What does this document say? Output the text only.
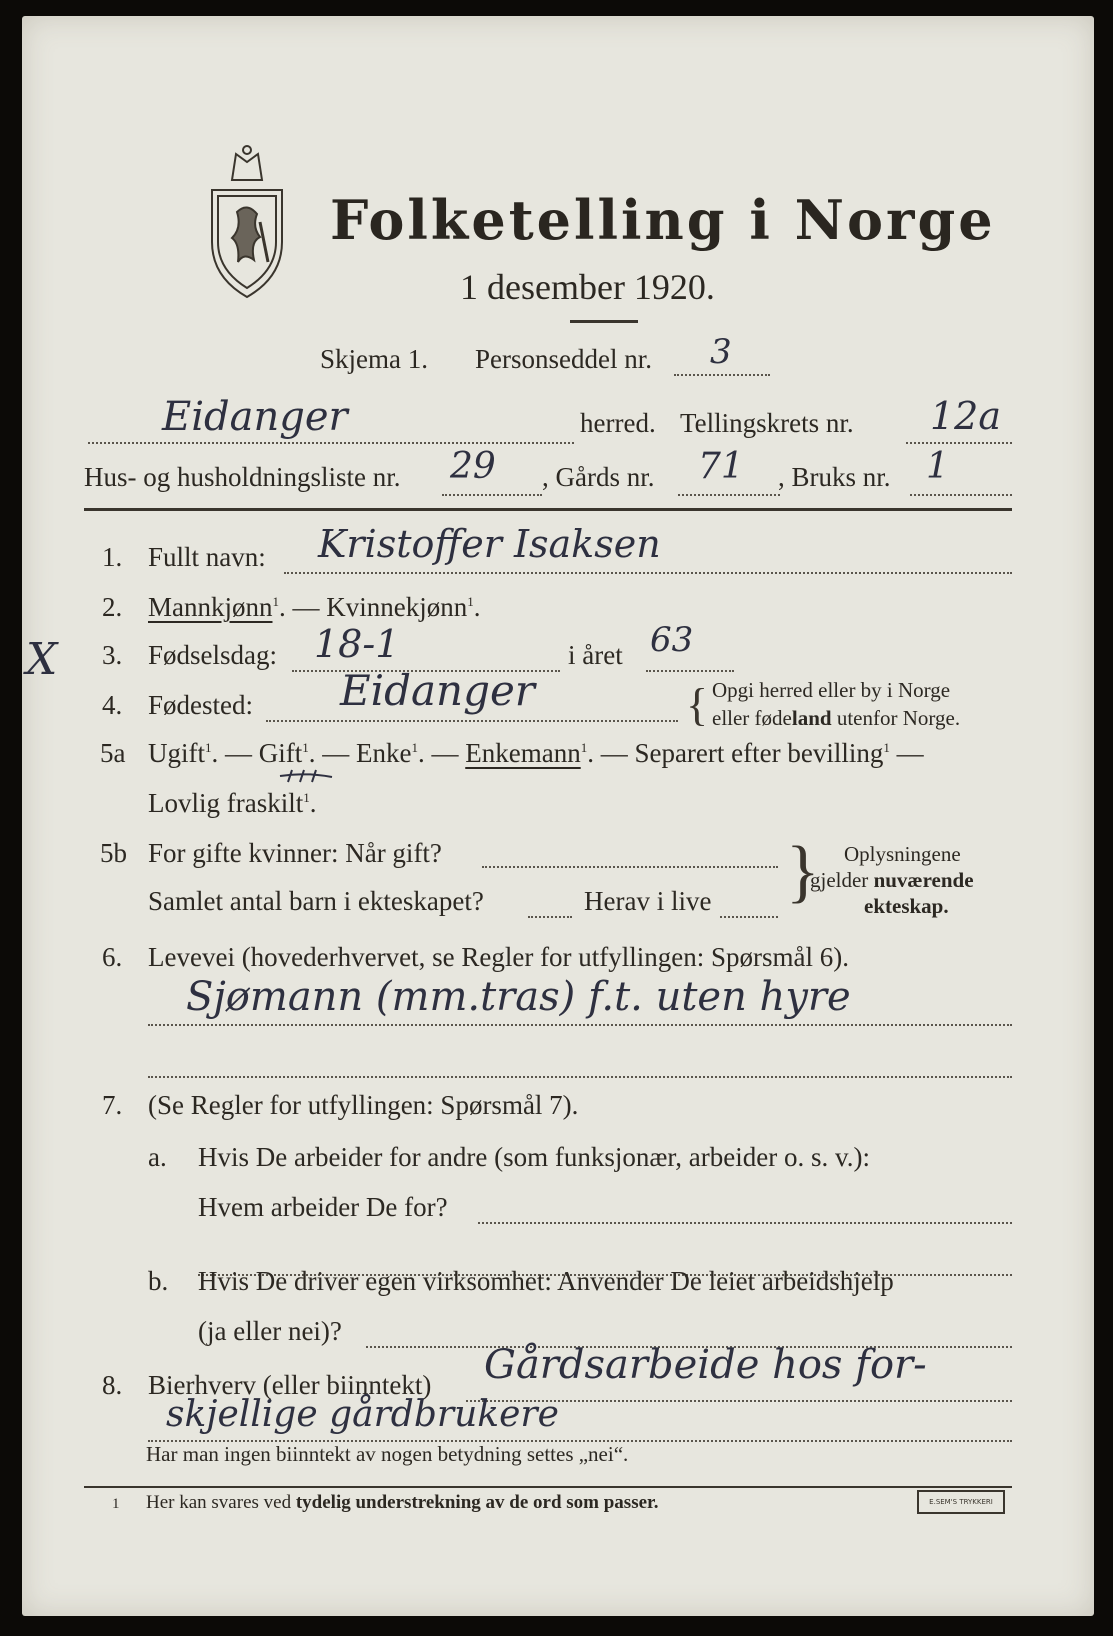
Folketelling i Norge
1 desember 1920.
Skjema 1. Personseddel nr. 3
Eidanger	herred. Tellingskrets nr. 12a
Hus- og husholdningsliste nr. 29 , Gårds nr. 71 , Bruks nr. 1
1. Fullt navn: Kristoffer Isaksen
2. Mannkjønn$^1$. — Kvinnekjønn$^1$.
X 3. Fødselsdag: 18-1	i året 63
4. Fødested: Eidanger	{ Opgi herred eller by i Norge
eller fødeland utenfor Norge.
5a Ugift$^1$. — Gift$^1$. — Enke$^1$. — Enkemann$^1$. — Separert efter bevilling$^1$ —
Lovlig fraskilt$^1$.
5b For gifte kvinner: Når gift?
Samlet antal barn i ekteskapet?	Herav i live } Oplysningene
gjelder nuværende
ekteskap.
6. Levevei (hovederhvervet, se Regler for utfyllingen: Spørsmål 6).
Sjømann (mm.tras) f.t. uten hyre
7. (Se Regler for utfyllingen: Spørsmål 7).
a. Hvis De arbeider for andre (som funksjonær, arbeider o. s. v.):
Hvem arbeider De for?
b. Hvis De driver egen virksomhet: Anvender De leiet arbeidshjelp
(ja eller nei)?
8. Bierhverv (eller biinntekt) Gårdsarbeide hos for-
skjellige gårdbrukere
Har man ingen biinntekt av nogen betydning settes „nei“.
1 Her kan svares ved tydelig understrekning av de ord som passer.	E.SEM'S TRYKKERI
